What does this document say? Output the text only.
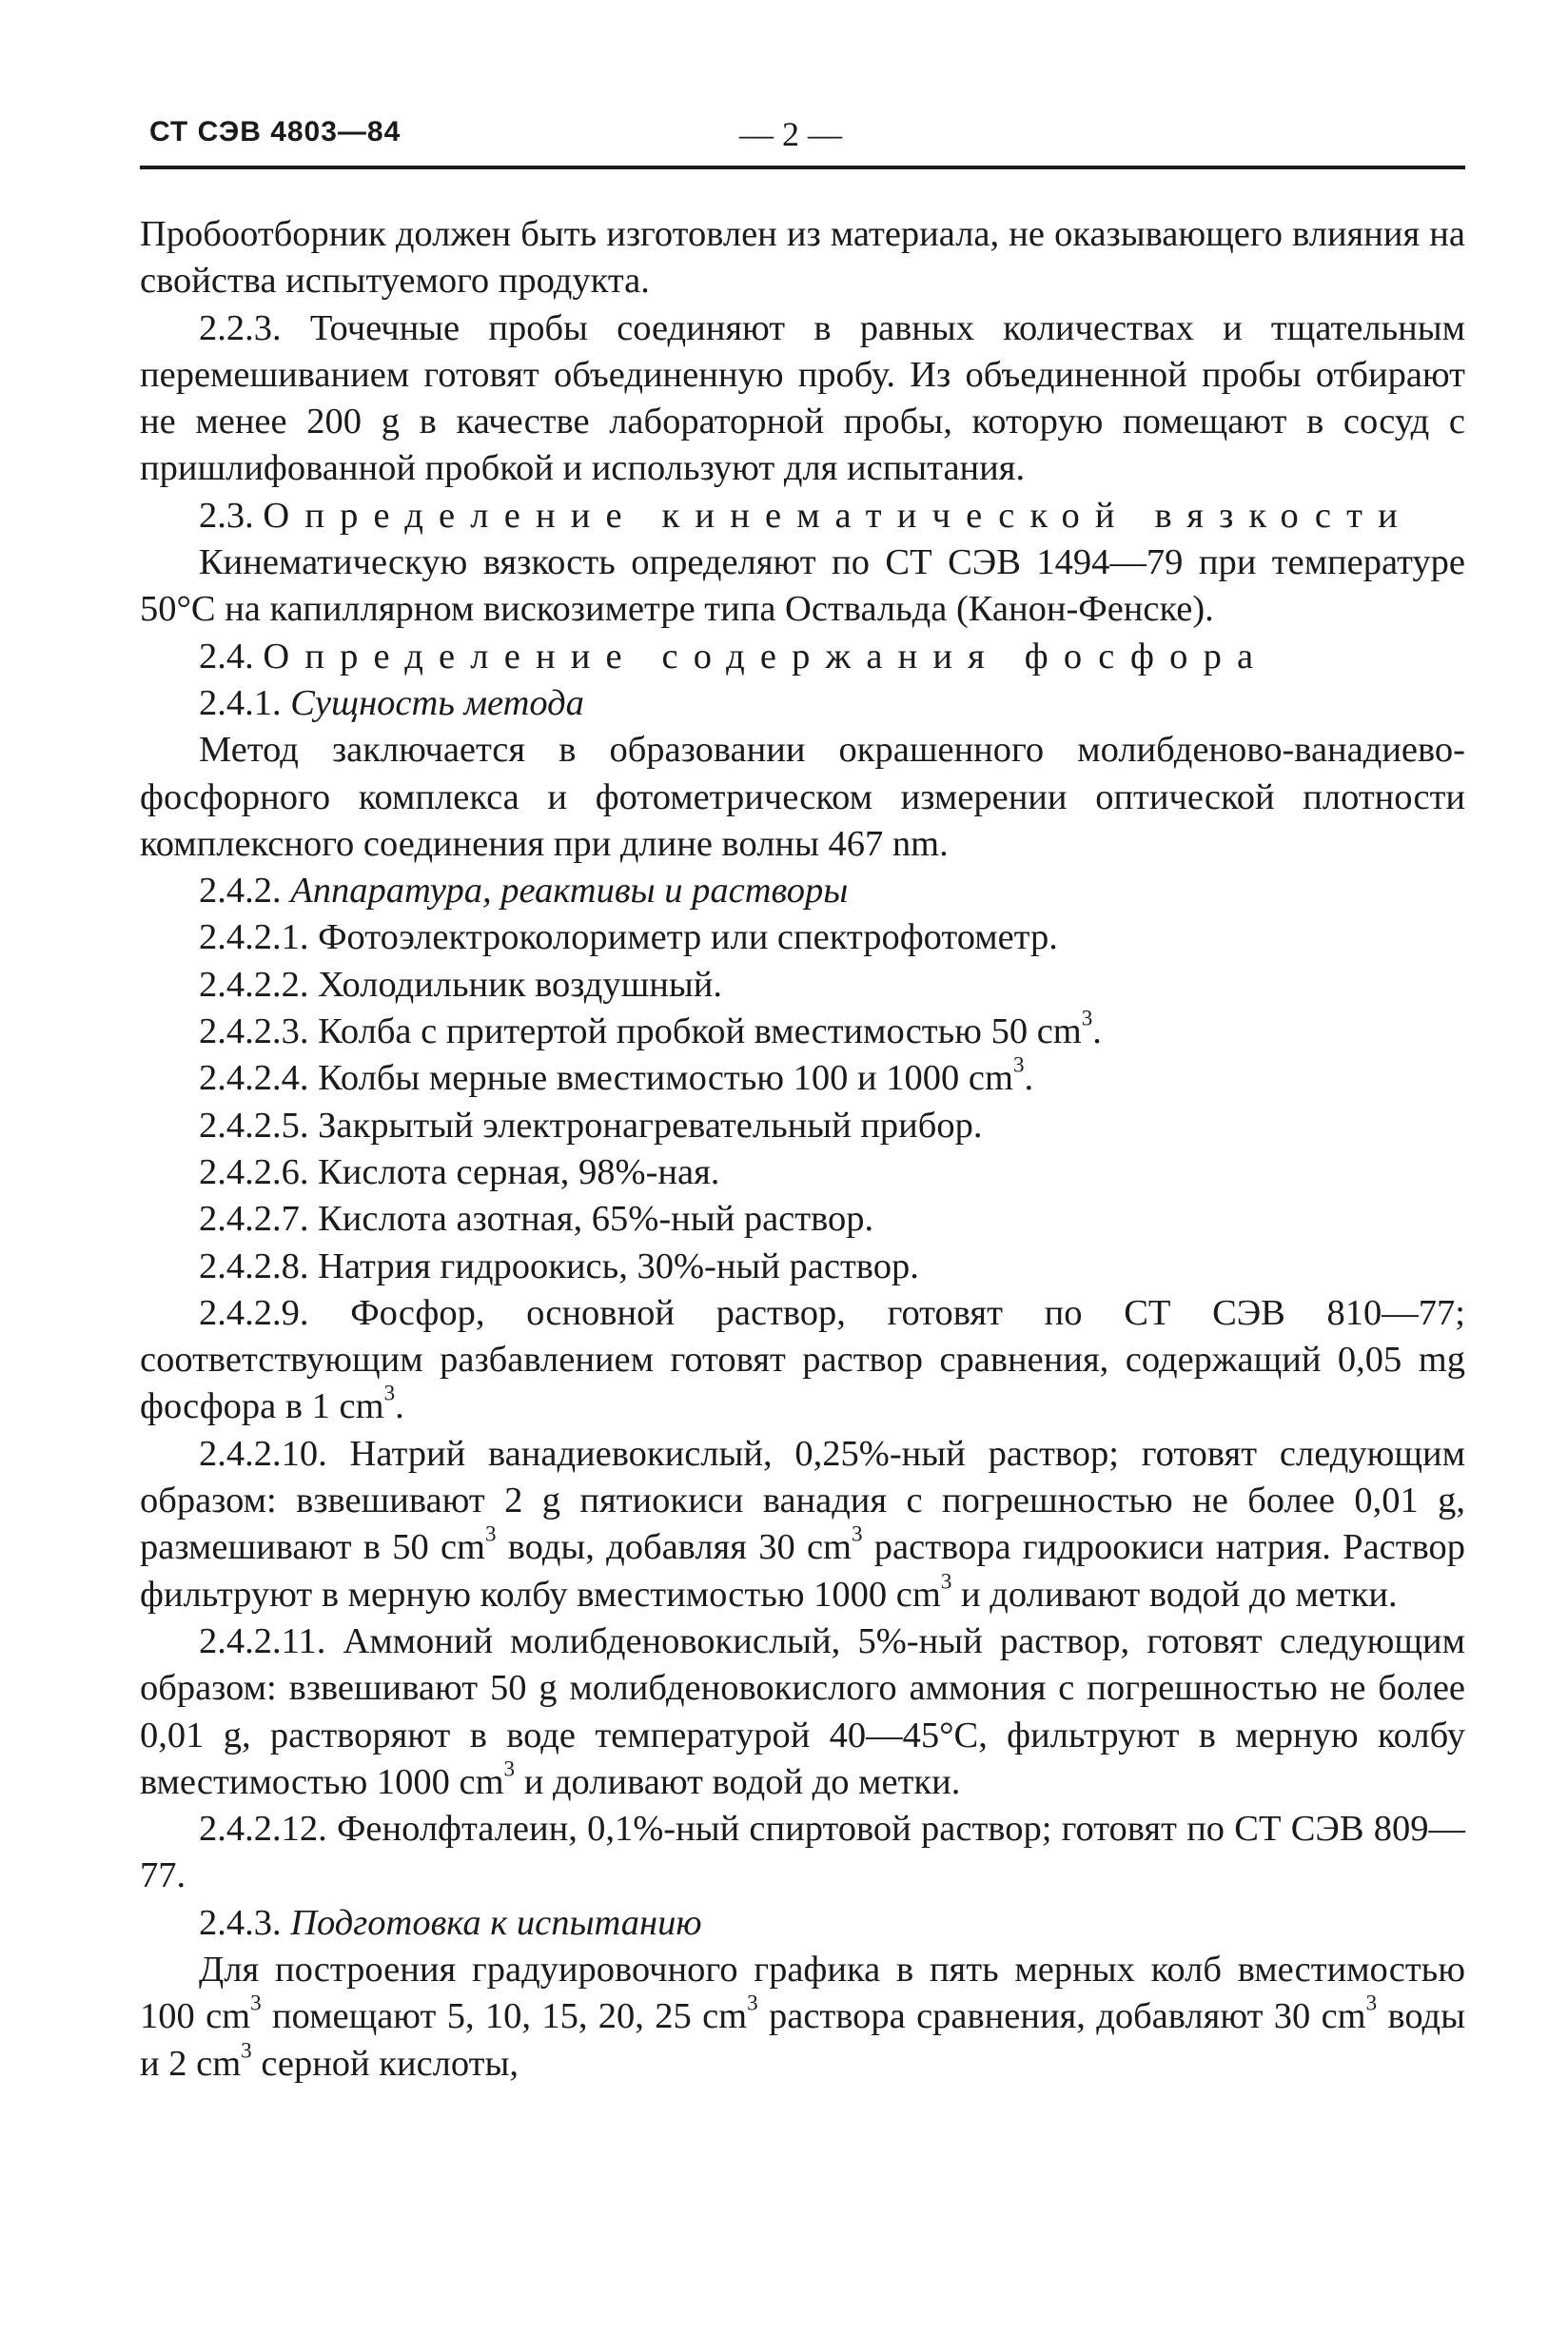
СТ СЭВ 4803—84	— 2 —

Пробоотборник должен быть изготовлен из материала, не оказывающего влияния на свойства испытуемого продукта.

2.2.3. Точечные пробы соединяют в равных количествах и тщательным перемешиванием готовят объединенную пробу. Из объединенной пробы отбирают не менее 200 g в качестве лабораторной пробы, которую помещают в сосуд с пришлифованной пробкой и используют для испытания.

2.3. Определение кинематической вязкости

Кинематическую вязкость определяют по СТ СЭВ 1494—79 при температуре 50°С на капиллярном вискозиметре типа Оствальда (Канон-Фенске).

2.4. Определение содержания фосфора

2.4.1. Сущность метода

Метод заключается в образовании окрашенного молибденово-ванадиево-фосфорного комплекса и фотометрическом измерении оптической плотности комплексного соединения при длине волны 467 nm.

2.4.2. Аппаратура, реактивы и растворы

2.4.2.1. Фотоэлектроколориметр или спектрофотометр.

2.4.2.2. Холодильник воздушный.

2.4.2.3. Колба с притертой пробкой вместимостью 50 $cm^3$.

2.4.2.4. Колбы мерные вместимостью 100 и 1000 $cm^3$.

2.4.2.5. Закрытый электронагревательный прибор.

2.4.2.6. Кислота серная, 98%-ная.

2.4.2.7. Кислота азотная, 65%-ный раствор.

2.4.2.8. Натрия гидроокись, 30%-ный раствор.

2.4.2.9. Фосфор, основной раствор, готовят по СТ СЭВ 810—77; соответствующим разбавлением готовят раствор сравнения, содержащий 0,05 mg фосфора в 1 $cm^3$.

2.4.2.10. Натрий ванадиевокислый, 0,25%-ный раствор; готовят следующим образом: взвешивают 2 g пятиокиси ванадия с погрешностью не более 0,01 g, размешивают в 50 $cm^3$ воды, добавляя 30 $cm^3$ раствора гидроокиси натрия. Раствор фильтруют в мерную колбу вместимостью 1000 $cm^3$ и доливают водой до метки.

2.4.2.11. Аммоний молибденовокислый, 5%-ный раствор, готовят следующим образом: взвешивают 50 g молибденовокислого аммония с погрешностью не более 0,01 g, растворяют в воде температурой 40—45°С, фильтруют в мерную колбу вместимостью 1000 $cm^3$ и доливают водой до метки.

2.4.2.12. Фенолфталеин, 0,1%-ный спиртовой раствор; готовят по СТ СЭВ 809—77.

2.4.3. Подготовка к испытанию

Для построения градуировочного графика в пять мерных колб вместимостью 100 $cm^3$ помещают 5, 10, 15, 20, 25 $cm^3$ раствора сравнения, добавляют 30 $cm^3$ воды и 2 $cm^3$ серной кислоты,
